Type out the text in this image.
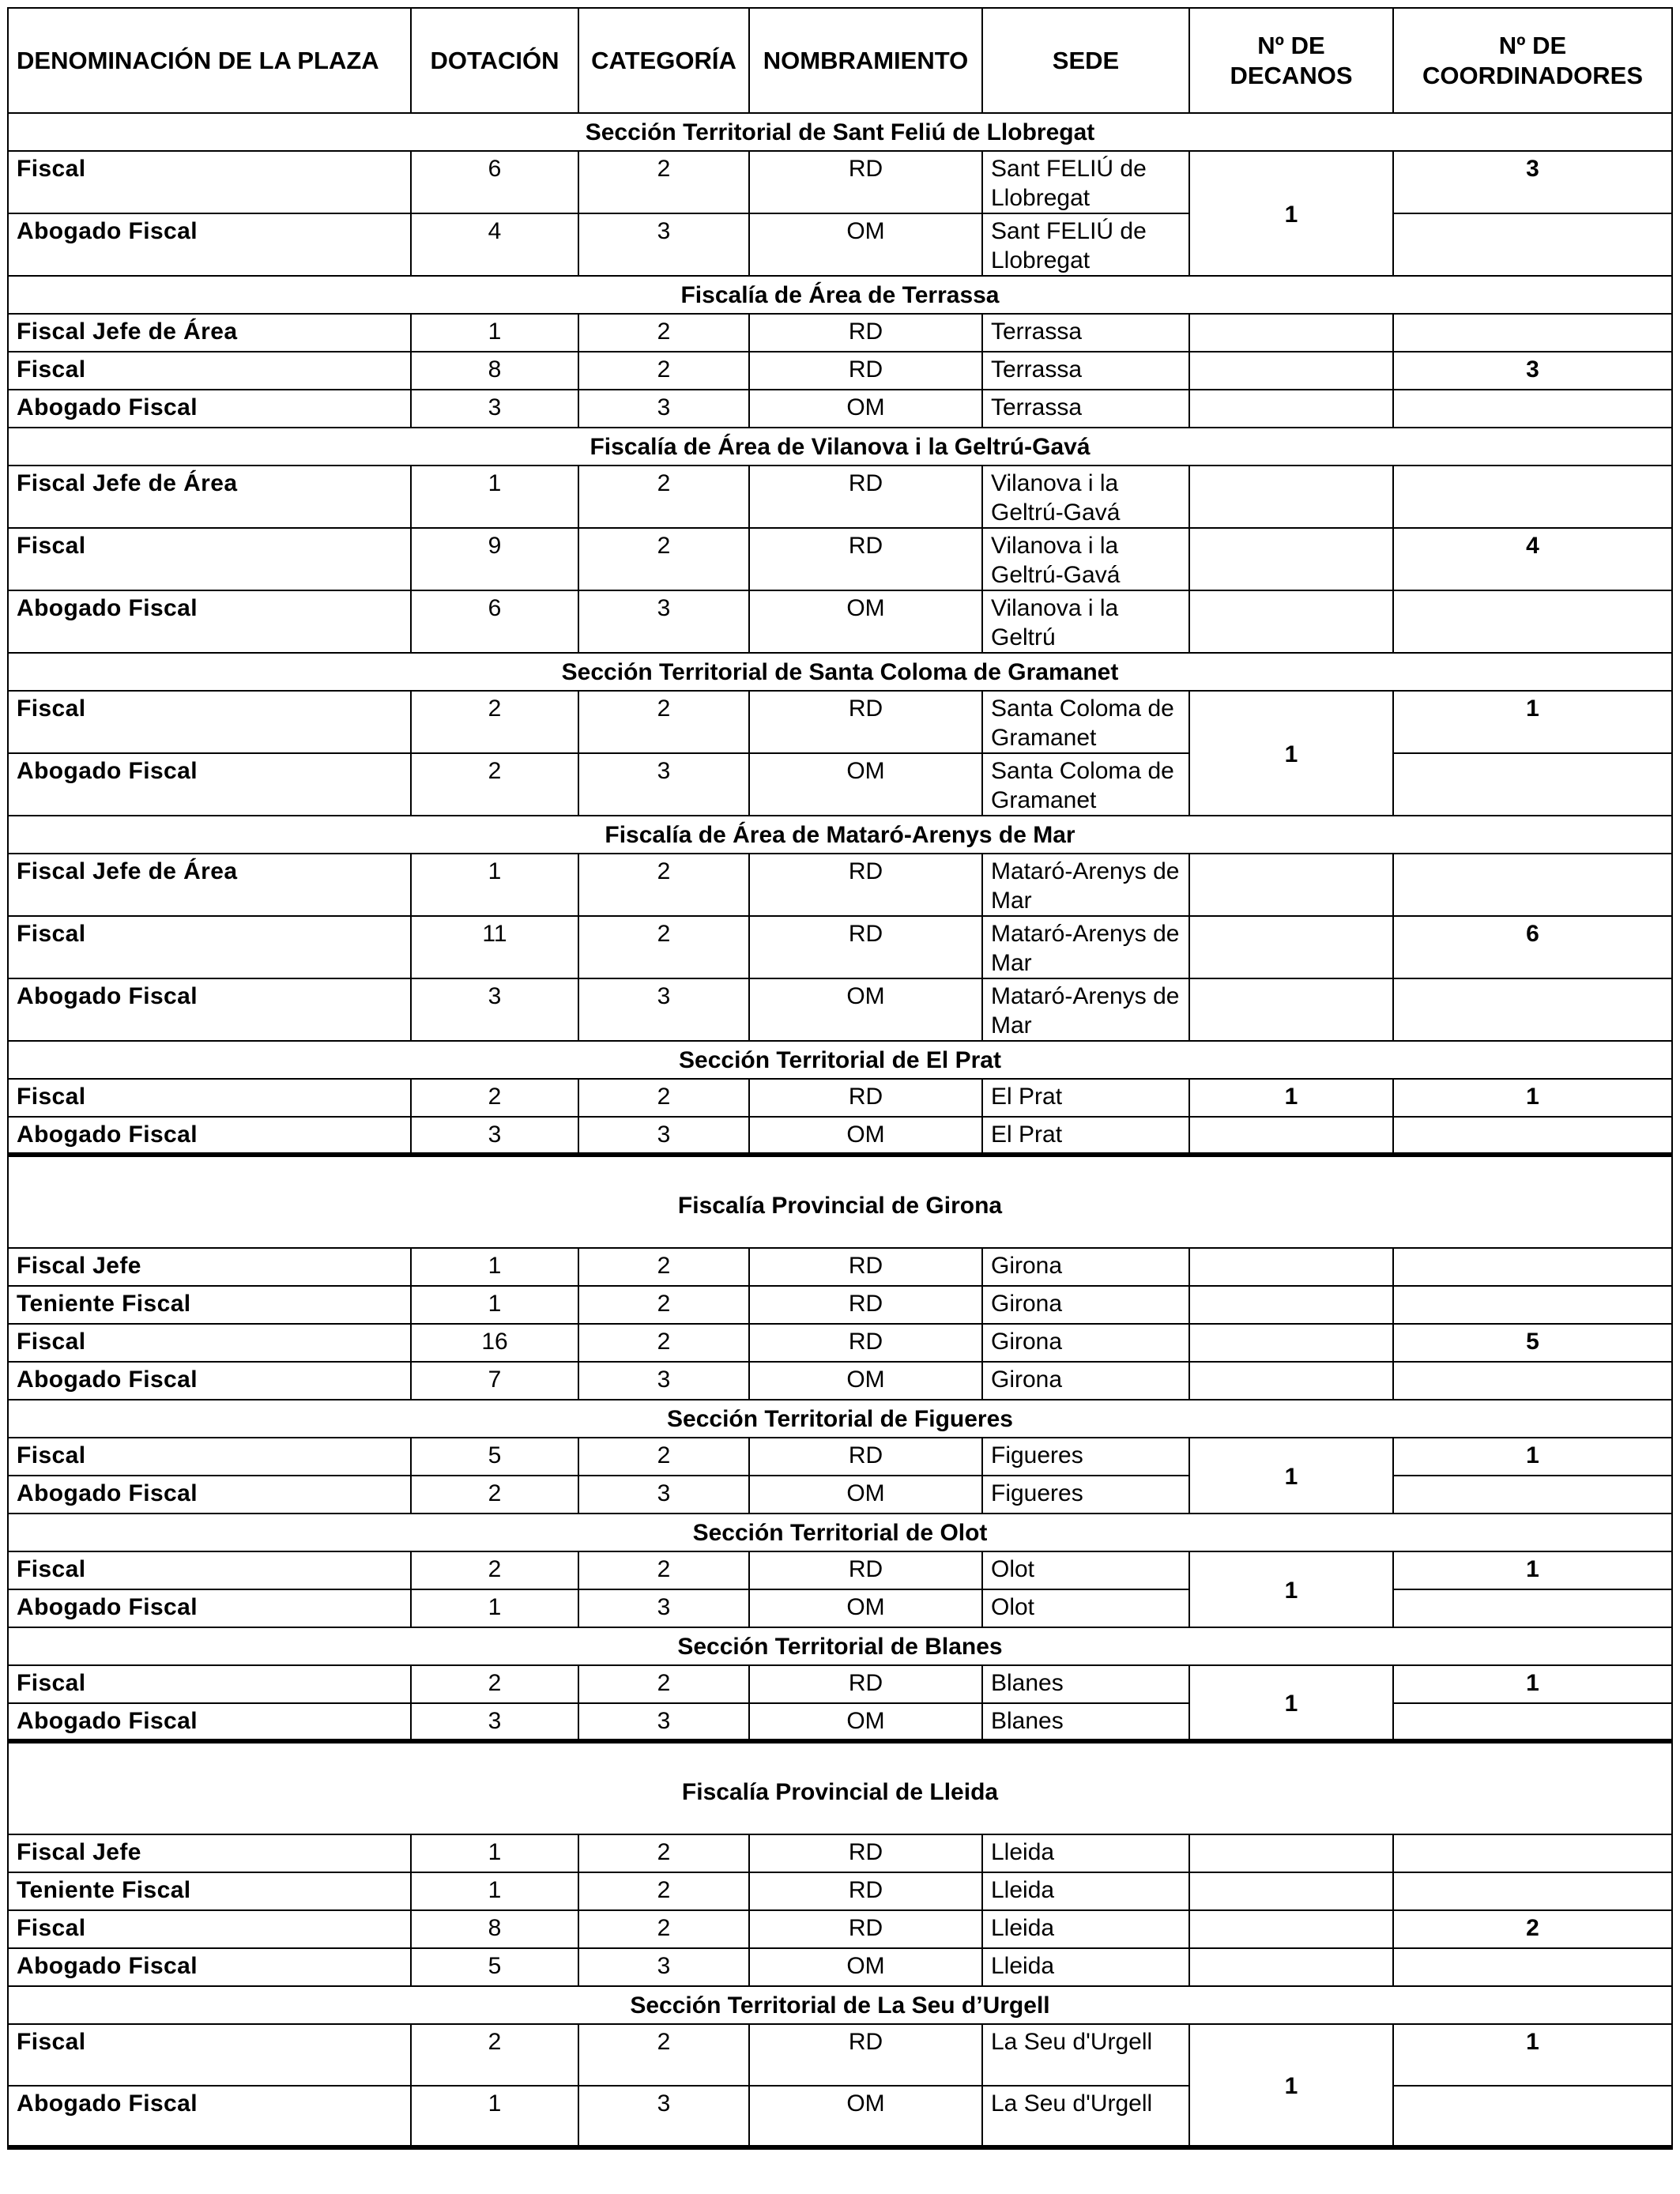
DENOMINACIÓN DE LA PLAZA	DOTACIÓN	CATEGORÍA	NOMBRAMIENTO	SEDE	Nº DE DECANOS	Nº DE COORDINADORES
Sección Territorial de Sant Feliú de Llobregat						
Fiscal	6	2	RD	Sant FELIÚ de Llobregat	1	3
Abogado Fiscal	4	3	OM	Sant FELIÚ de Llobregat		
Fiscalía de Área de Terrassa						
Fiscal Jefe de Área	1	2	RD	Terrassa		
Fiscal	8	2	RD	Terrassa		3
Abogado Fiscal	3	3	OM	Terrassa		
Fiscalía de Área de Vilanova i la Geltrú-Gavá						
Fiscal Jefe de Área	1	2	RD	Vilanova i la Geltrú-Gavá		
Fiscal	9	2	RD	Vilanova i la Geltrú-Gavá		4
Abogado Fiscal	6	3	OM	Vilanova i la Geltrú		
Sección Territorial de Santa Coloma de Gramanet						
Fiscal	2	2	RD	Santa Coloma de Gramanet	1	1
Abogado Fiscal	2	3	OM	Santa Coloma de Gramanet		
Fiscalía de Área de Mataró-Arenys de Mar						
Fiscal Jefe de Área	1	2	RD	Mataró-Arenys de Mar		
Fiscal	11	2	RD	Mataró-Arenys de Mar		6
Abogado Fiscal	3	3	OM	Mataró-Arenys de Mar		
Sección Territorial de El Prat						
Fiscal	2	2	RD	El Prat	1	1
Abogado Fiscal	3	3	OM	El Prat		
Fiscalía Provincial de Girona						
Fiscal Jefe	1	2	RD	Girona		
Teniente Fiscal	1	2	RD	Girona		
Fiscal	16	2	RD	Girona		5
Abogado Fiscal	7	3	OM	Girona		
Sección Territorial de Figueres						
Fiscal	5	2	RD	Figueres	1	1
Abogado Fiscal	2	3	OM	Figueres		
Sección Territorial de Olot						
Fiscal	2	2	RD	Olot	1	1
Abogado Fiscal	1	3	OM	Olot		
Sección Territorial de Blanes						
Fiscal	2	2	RD	Blanes	1	1
Abogado Fiscal	3	3	OM	Blanes		
Fiscalía Provincial de Lleida						
Fiscal Jefe	1	2	RD	Lleida		
Teniente Fiscal	1	2	RD	Lleida		
Fiscal	8	2	RD	Lleida		2
Abogado Fiscal	5	3	OM	Lleida		
Sección Territorial de La Seu d’Urgell						
Fiscal	2	2	RD	La Seu d'Urgell	1	1
Abogado Fiscal	1	3	OM	La Seu d'Urgell		
